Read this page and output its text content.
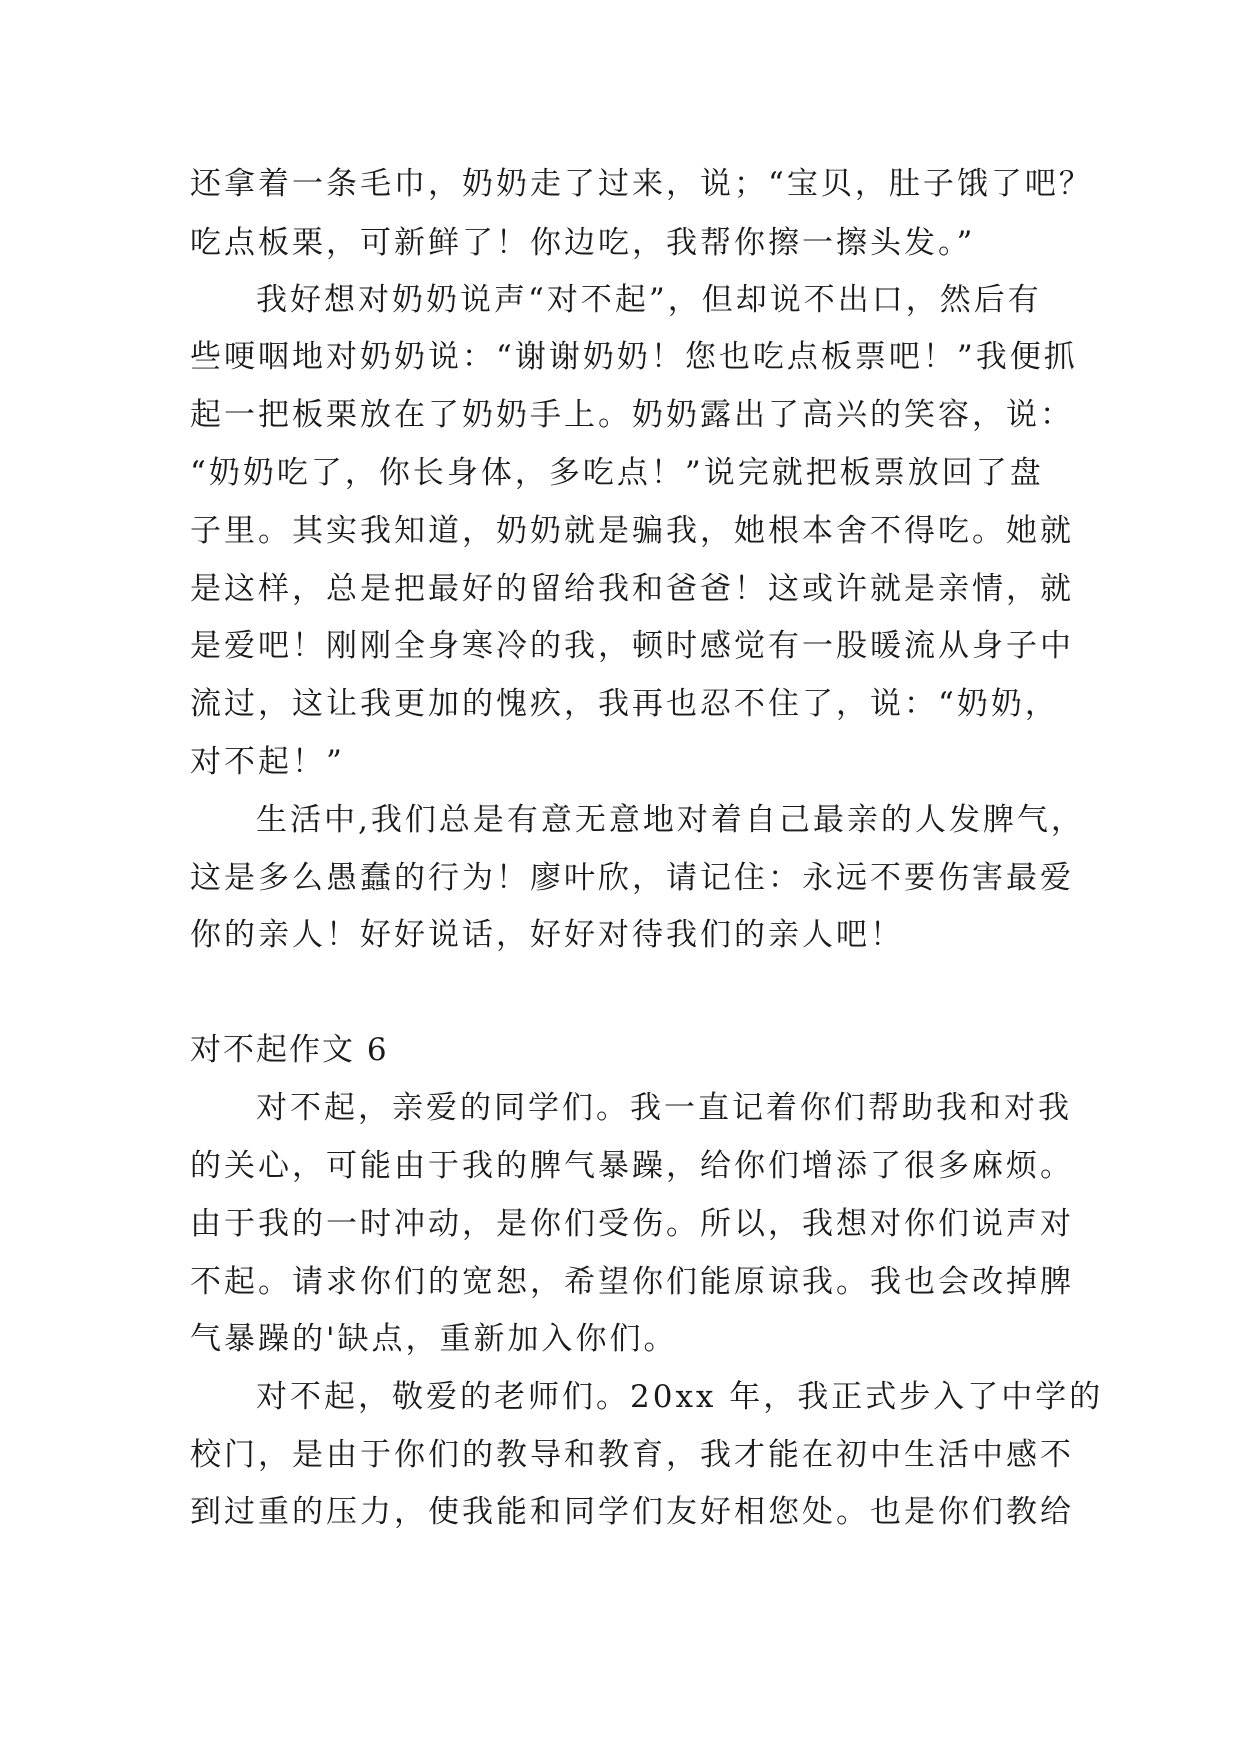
还拿着一条毛巾，奶奶走了过来，说；“宝贝，肚子饿了吧？
吃点板栗，可新鲜了！你边吃，我帮你擦一擦头发。”
我好想对奶奶说声“对不起”，但却说不出口，然后有
些哽咽地对奶奶说：“谢谢奶奶！您也吃点板票吧！”我便抓
起一把板栗放在了奶奶手上。奶奶露出了高兴的笑容，说：
“奶奶吃了，你长身体，多吃点！”说完就把板票放回了盘
子里。其实我知道，奶奶就是骗我，她根本舍不得吃。她就
是这样，总是把最好的留给我和爸爸！这或许就是亲情，就
是爱吧！刚刚全身寒冷的我，顿时感觉有一股暖流从身子中
流过，这让我更加的愧疚，我再也忍不住了，说：“奶奶，
对不起！”
生活中,我们总是有意无意地对着自己最亲的人发脾气，
这是多么愚蠢的行为！廖叶欣，请记住：永远不要伤害最爱
你的亲人！好好说话，好好对待我们的亲人吧！
对不起作文 6
对不起，亲爱的同学们。我一直记着你们帮助我和对我
的关心，可能由于我的脾气暴躁，给你们增添了很多麻烦。
由于我的一时冲动，是你们受伤。所以，我想对你们说声对
不起。请求你们的宽恕，希望你们能原谅我。我也会改掉脾
气暴躁的'缺点，重新加入你们。
对不起，敬爱的老师们。20xx 年，我正式步入了中学的
校门，是由于你们的教导和教育，我才能在初中生活中感不
到过重的压力，使我能和同学们友好相您处。也是你们教给
